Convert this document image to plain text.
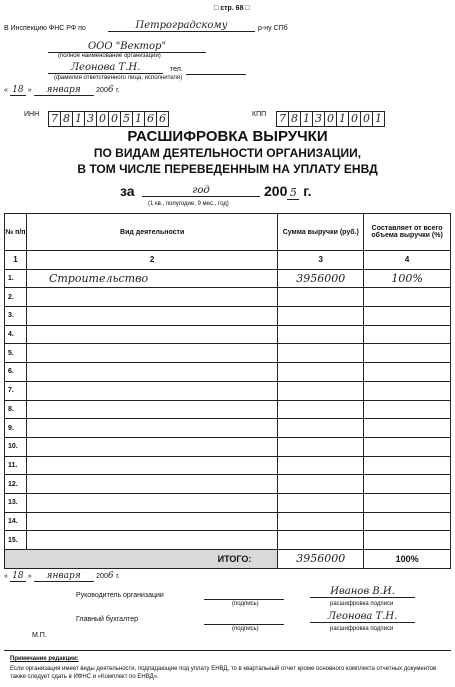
□ стр. 68 □
В Инспекцию ФНС РФ по	Петроградскому	р-ну СПб
ООО "Вектор"
(полное наименование организации)
Леонова Т.Н.	тел.
(фамилия ответственного лица, исполнителя)
« 18 » января 2006 г.
ИНН 7 8 1 3 0 0 5 1 6 6	КПП 7 8 1 3 0 1 0 0 1
РАСШИФРОВКА ВЫРУЧКИ
ПО ВИДАМ ДЕЯТЕЛЬНОСТИ ОРГАНИЗАЦИИ,
В ТОМ ЧИСЛЕ ПЕРЕВЕДЕННЫМ НА УПЛАТУ ЕНВД
за	год	200 5 г.
(1 кв., полугодие, 9 мес., год)
№ п/п	Вид деятельности	Сумма выручки (руб.)	Составляет от всего объема выручки (%)
1	2	3	4
1.	Строительство	3956000	100%
2.			
3.			
4.			
5.			
6.			
7.			
8.			
9.			
10.			
11.			
12.			
13.			
14.			
15.			
ИТОГО:		3956000	100%
« 18 » января 2006 г.
Руководитель организации
(подпись)
Иванов В.И.
расшифровка подписи
Главный бухгалтер
(подпись)
Леонова Т.Н.
расшифровка подписи
М.П.
Примечание редакции:
Если организация имеет виды деятельности, подпадающие под уплату ЕНВД, то в квартальный отчет кроме основного комплекта отчетных документов также следует сдать в ИФНС и «Комплект по ЕНВД».
